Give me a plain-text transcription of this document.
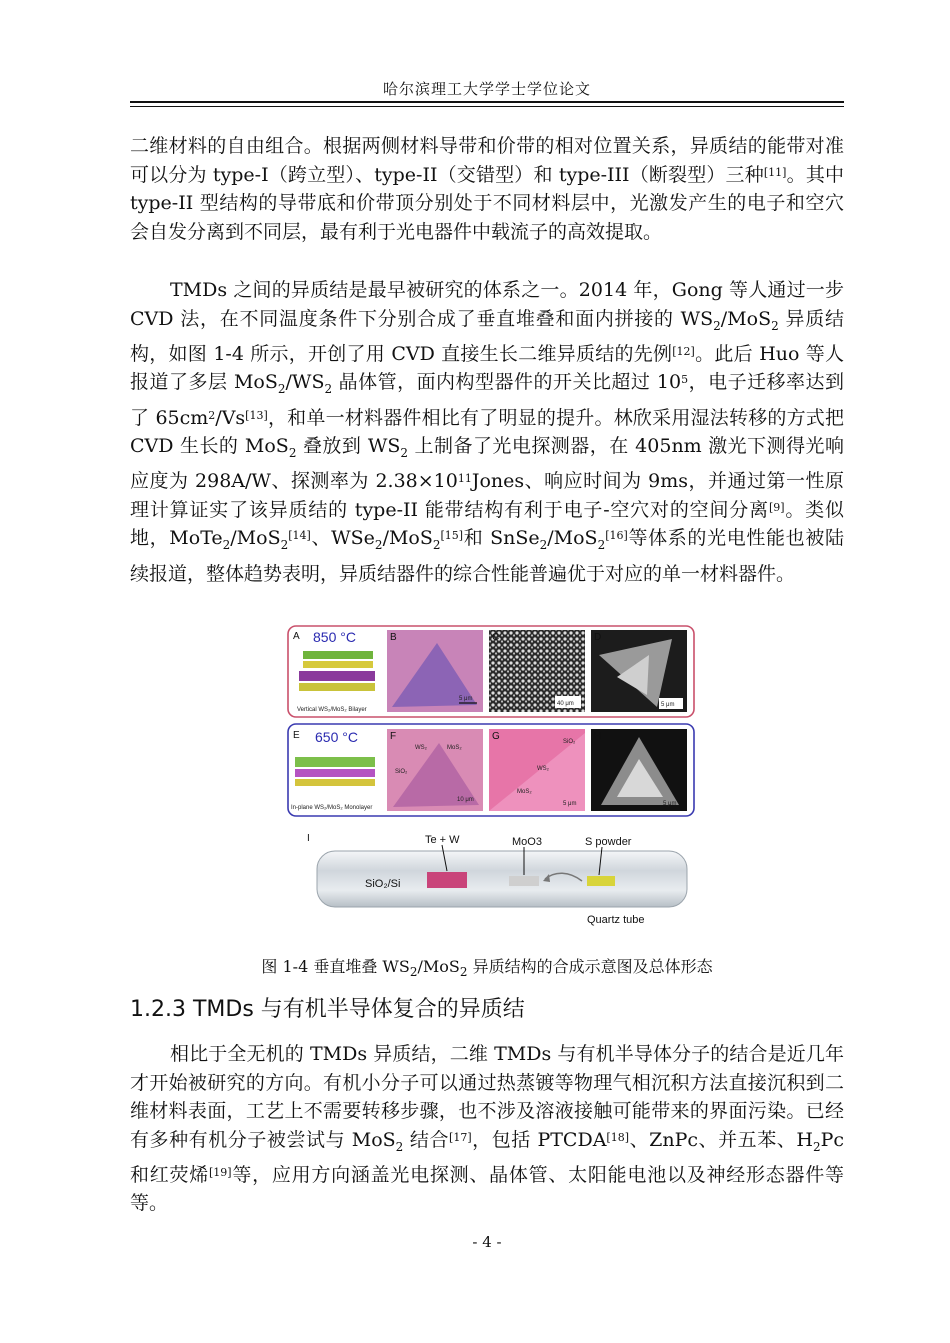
哈尔滨理工大学学士学位论文

二维材料的自由组合。根据两侧材料导带和价带的相对位置关系，异质结的能带对准可以分为 type-I（跨立型）、type-II（交错型）和 type-III（断裂型）三种[11]。其中 type-II 型结构的导带底和价带顶分别处于不同材料层中，光激发产生的电子和空穴会自发分离到不同层，最有利于光电器件中载流子的高效提取。

TMDs 之间的异质结是最早被研究的体系之一。2014 年，Gong 等人通过一步 CVD 法，在不同温度条件下分别合成了垂直堆叠和面内拼接的 $WS_2/MoS_2$ 异质结构，如图 1-4 所示，开创了用 CVD 直接生长二维异质结的先例[12]。此后 Huo 等人报道了多层 $MoS_2/WS_2$ 晶体管，面内构型器件的开关比超过 $10^5$，电子迁移率达到了 $65cm^2/Vs[13]$，和单一材料器件相比有了明显的提升。林欣采用湿法转移的方式把 CVD 生长的 MoS$_2$ 叠放到 $WS_2$ 上制备了光电探测器，在 405nm 激光下测得光响应度为 298A/W、探测率为 $2.38\times 10^{11}Jones$、响应时间为 9ms，并通过第一性原理计算证实了该异质结的 type-II 能带结构有利于电子-空穴对的空间分离[9]。类似地，MoTe$_2$/MoS$_2$[14]、WSe$_2$/MoS$_2$[15]和 SnSe$_2$/MoS$_2$[16]等体系的光电性能也被陆续报道，整体趋势表明，异质结器件的综合性能普遍优于对应的单一材料器件。

A 850 °C
Vertical WS₂/MoS₂ Bilayer
B
5 μm
C
40 μm
D
5 μm
E 650 °C
In-plane WS₂/MoS₂ Monolayer
F
WS₂	MoS₂
SiO₂
10 μm
G	SiO₂
WS₂
MoS₂
5 μm
H
5 μm
I	Te + W	MoO3	S powder
SiO₂/Si
Quartz tube
图 1-4 垂直堆叠 $WS_2/MoS_2$ 异质结构的合成示意图及总体形态
1.2.3 TMDs 与有机半导体复合的异质结

相比于全无机的 TMDs 异质结，二维 TMDs 与有机半导体分子的结合是近几年才开始被研究的方向。有机小分子可以通过热蒸镀等物理气相沉积方法直接沉积到二维材料表面，工艺上不需要转移步骤，也不涉及溶液接触可能带来的界面污染。已经有多种有机分子被尝试与 MoS$_2$ 结合[17]，包括 PTCDA[18]、ZnPc、并五苯、$H_2Pc$ 和红荧烯[19]等，应用方向涵盖光电探测、晶体管、太阳能电池以及神经形态器件等等。

- 4 -
